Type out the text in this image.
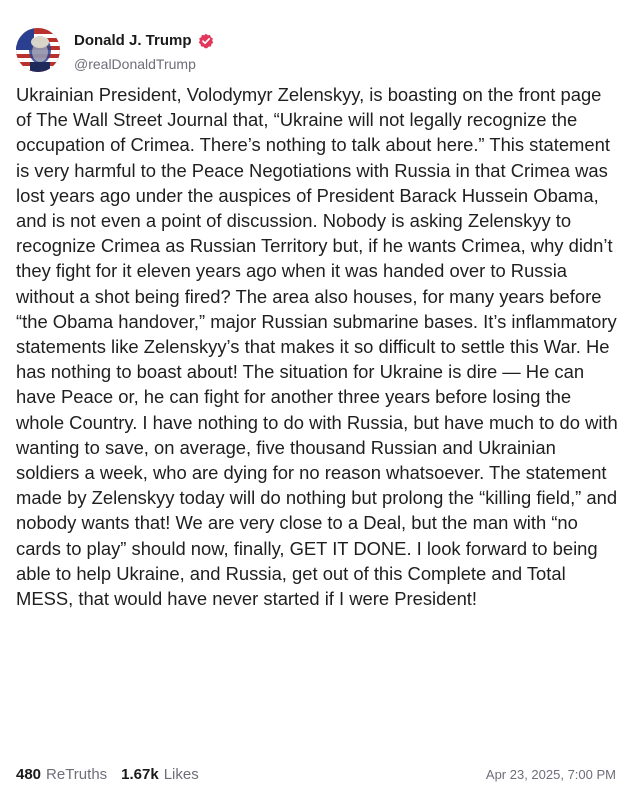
Donald J. Trump
@realDonaldTrump

Ukrainian President, Volodymyr Zelenskyy, is boasting on the front page of The Wall Street Journal that, “Ukraine will not legally recognize the occupation of Crimea. There’s nothing to talk about here.” This statement is very harmful to the Peace Negotiations with Russia in that Crimea was lost years ago under the auspices of President Barack Hussein Obama, and is not even a point of discussion. Nobody is asking Zelenskyy to recognize Crimea as Russian Territory but, if he wants Crimea, why didn’t they fight for it eleven years ago when it was handed over to Russia without a shot being fired? The area also houses, for many years before “the Obama handover,” major Russian submarine bases. It’s inflammatory statements like Zelenskyy’s that makes it so difficult to settle this War. He has nothing to boast about! The situation for Ukraine is dire — He can have Peace or, he can fight for another three years before losing the whole Country. I have nothing to do with Russia, but have much to do with wanting to save, on average, five thousand Russian and Ukrainian soldiers a week, who are dying for no reason whatsoever. The statement made by Zelenskyy today will do nothing but prolong the “killing field,” and nobody wants that! We are very close to a Deal, but the man with “no cards to play” should now, finally, GET IT DONE. I look forward to being able to help Ukraine, and Russia, get out of this Complete and Total MESS, that would have never started if I were President!

480 ReTruths 1.67k Likes	Apr 23, 2025, 7:00 PM
